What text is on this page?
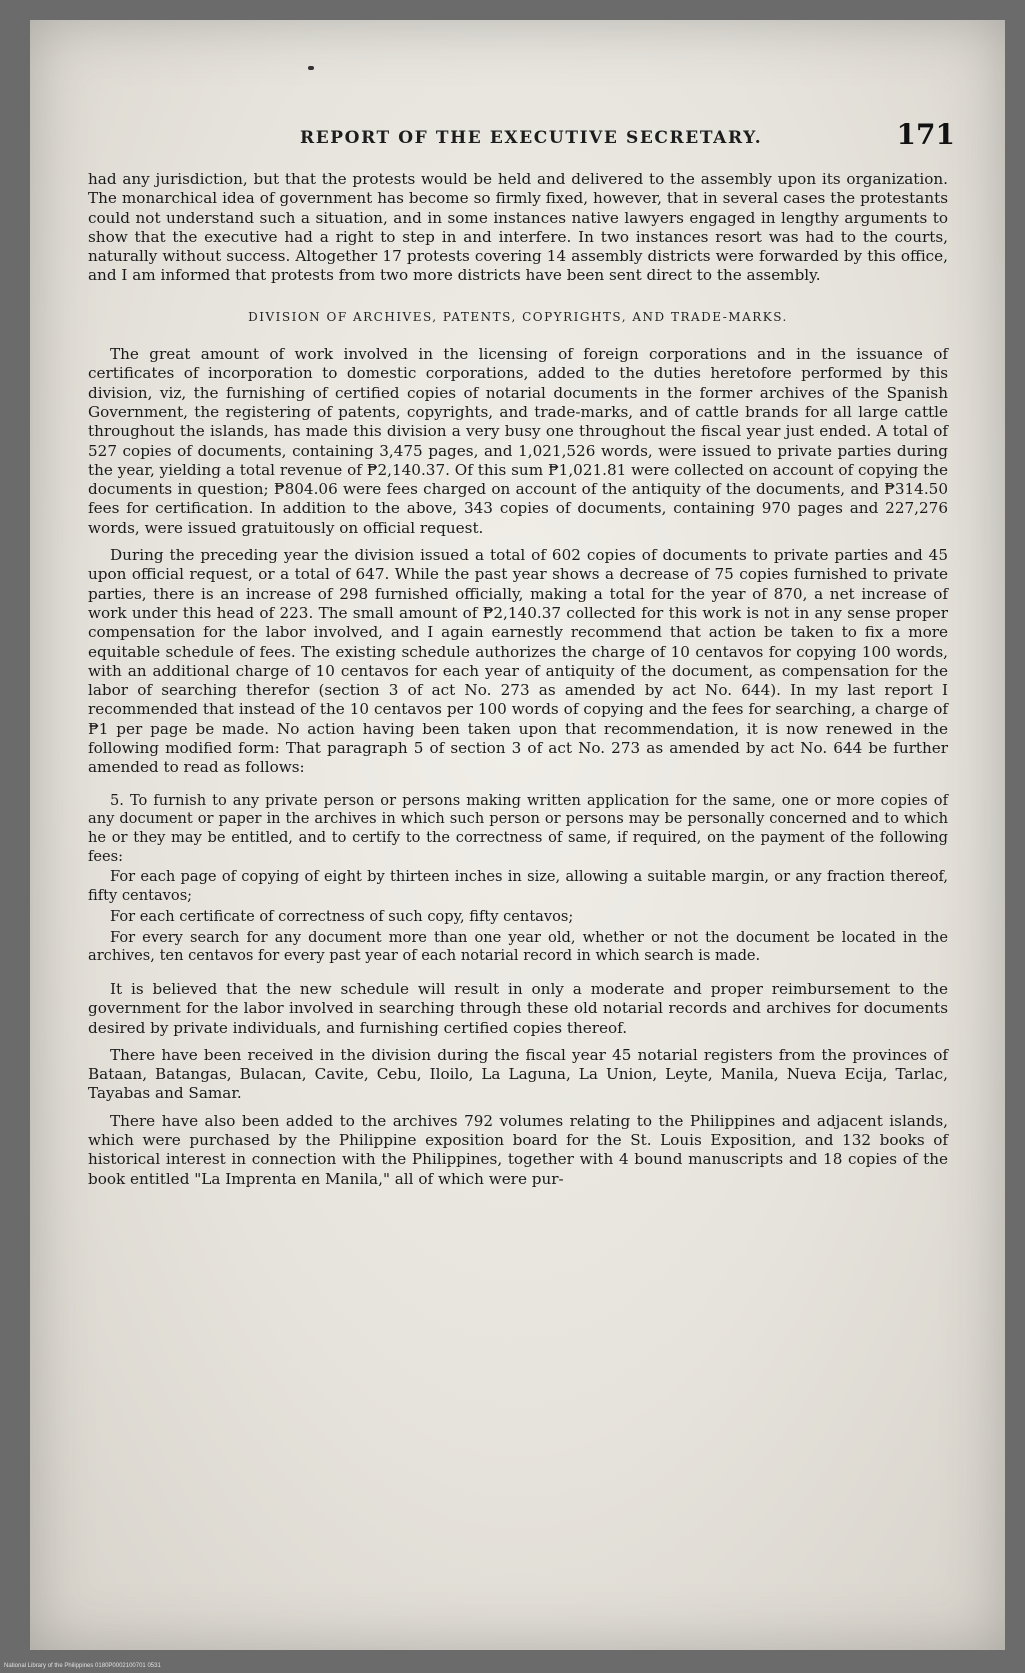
REPORT OF THE EXECUTIVE SECRETARY.	171

had any jurisdiction, but that the protests would be held and delivered to the assembly upon its organization. The monarchical idea of government has become so firmly fixed, however, that in several cases the protestants could not understand such a situation, and in some instances native lawyers engaged in lengthy arguments to show that the executive had a right to step in and interfere. In two instances resort was had to the courts, naturally without success. Altogether 17 protests covering 14 assembly districts were forwarded by this office, and I am informed that protests from two more districts have been sent direct to the assembly.

DIVISION OF ARCHIVES, PATENTS, COPYRIGHTS, AND TRADE-MARKS.

The great amount of work involved in the licensing of foreign corporations and in the issuance of certificates of incorporation to domestic corporations, added to the duties heretofore performed by this division, viz, the furnishing of certified copies of notarial documents in the former archives of the Spanish Government, the registering of patents, copyrights, and trade-marks, and of cattle brands for all large cattle throughout the islands, has made this division a very busy one throughout the fiscal year just ended. A total of 527 copies of documents, containing 3,475 pages, and 1,021,526 words, were issued to private parties during the year, yielding a total revenue of ₱2,140.37. Of this sum ₱1,021.81 were collected on account of copying the documents in question; ₱804.06 were fees charged on account of the antiquity of the documents, and ₱314.50 fees for certification. In addition to the above, 343 copies of documents, containing 970 pages and 227,276 words, were issued gratuitously on official request.

During the preceding year the division issued a total of 602 copies of documents to private parties and 45 upon official request, or a total of 647. While the past year shows a decrease of 75 copies furnished to private parties, there is an increase of 298 furnished officially, making a total for the year of 870, a net increase of work under this head of 223. The small amount of ₱2,140.37 collected for this work is not in any sense proper compensation for the labor involved, and I again earnestly recommend that action be taken to fix a more equitable schedule of fees. The existing schedule authorizes the charge of 10 centavos for copying 100 words, with an additional charge of 10 centavos for each year of antiquity of the document, as compensation for the labor of searching therefor (section 3 of act No. 273 as amended by act No. 644). In my last report I recommended that instead of the 10 centavos per 100 words of copying and the fees for searching, a charge of ₱1 per page be made. No action having been taken upon that recommendation, it is now renewed in the following modified form: That paragraph 5 of section 3 of act No. 273 as amended by act No. 644 be further amended to read as follows:

5. To furnish to any private person or persons making written application for the same, one or more copies of any document or paper in the archives in which such person or persons may be personally concerned and to which he or they may be entitled, and to certify to the correctness of same, if required, on the payment of the following fees:

For each page of copying of eight by thirteen inches in size, allowing a suitable margin, or any fraction thereof, fifty centavos;

For each certificate of correctness of such copy, fifty centavos;

For every search for any document more than one year old, whether or not the document be located in the archives, ten centavos for every past year of each notarial record in which search is made.

It is believed that the new schedule will result in only a moderate and proper reimbursement to the government for the labor involved in searching through these old notarial records and archives for documents desired by private individuals, and furnishing certified copies thereof.

There have been received in the division during the fiscal year 45 notarial registers from the provinces of Bataan, Batangas, Bulacan, Cavite, Cebu, Iloilo, La Laguna, La Union, Leyte, Manila, Nueva Ecija, Tarlac, Tayabas and Samar.

There have also been added to the archives 792 volumes relating to the Philippines and adjacent islands, which were purchased by the Philippine exposition board for the St. Louis Exposition, and 132 books of historical interest in connection with the Philippines, together with 4 bound manuscripts and 18 copies of the book entitled "La Imprenta en Manila," all of which were pur-

National Library of the Philippines 0180P0002100701 0531
